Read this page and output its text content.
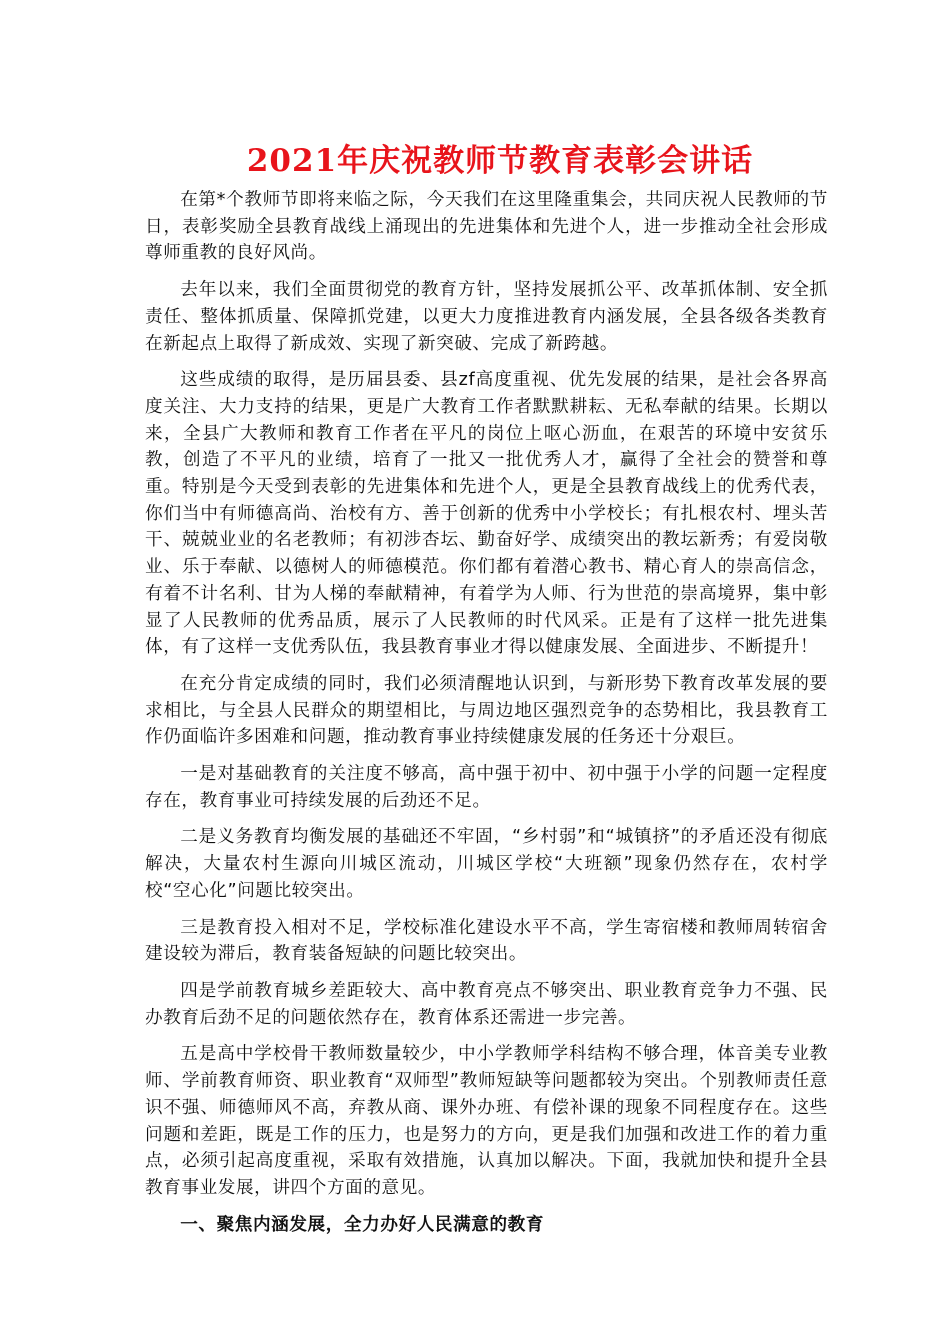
2021年庆祝教师节教育表彰会讲话

在第*个教师节即将来临之际，今天我们在这里隆重集会，共同庆祝人民教师的节日，表彰奖励全县教育战线上涌现出的先进集体和先进个人，进一步推动全社会形成尊师重教的良好风尚。

去年以来，我们全面贯彻党的教育方针，坚持发展抓公平、改革抓体制、安全抓责任、整体抓质量、保障抓党建，以更大力度推进教育内涵发展，全县各级各类教育在新起点上取得了新成效、实现了新突破、完成了新跨越。

这些成绩的取得，是历届县委、县zf高度重视、优先发展的结果，是社会各界高度关注、大力支持的结果，更是广大教育工作者默默耕耘、无私奉献的结果。长期以来，全县广大教师和教育工作者在平凡的岗位上呕心沥血，在艰苦的环境中安贫乐教，创造了不平凡的业绩，培育了一批又一批优秀人才，赢得了全社会的赞誉和尊重。特别是今天受到表彰的先进集体和先进个人，更是全县教育战线上的优秀代表，你们当中有师德高尚、治校有方、善于创新的优秀中小学校长；有扎根农村、埋头苦干、兢兢业业的名老教师；有初涉杏坛、勤奋好学、成绩突出的教坛新秀；有爱岗敬业、乐于奉献、以德树人的师德模范。你们都有着潜心教书、精心育人的崇高信念，有着不计名利、甘为人梯的奉献精神，有着学为人师、行为世范的崇高境界，集中彰显了人民教师的优秀品质，展示了人民教师的时代风采。正是有了这样一批先进集体，有了这样一支优秀队伍，我县教育事业才得以健康发展、全面进步、不断提升！

在充分肯定成绩的同时，我们必须清醒地认识到，与新形势下教育改革发展的要求相比，与全县人民群众的期望相比，与周边地区强烈竞争的态势相比，我县教育工作仍面临许多困难和问题，推动教育事业持续健康发展的任务还十分艰巨。

一是对基础教育的关注度不够高，高中强于初中、初中强于小学的问题一定程度存在，教育事业可持续发展的后劲还不足。

二是义务教育均衡发展的基础还不牢固，“乡村弱”和“城镇挤”的矛盾还没有彻底解决，大量农村生源向川城区流动，川城区学校“大班额”现象仍然存在，农村学校“空心化”问题比较突出。

三是教育投入相对不足，学校标准化建设水平不高，学生寄宿楼和教师周转宿舍建设较为滞后，教育装备短缺的问题比较突出。

四是学前教育城乡差距较大、高中教育亮点不够突出、职业教育竞争力不强、民办教育后劲不足的问题依然存在，教育体系还需进一步完善。

五是高中学校骨干教师数量较少，中小学教师学科结构不够合理，体音美专业教师、学前教育师资、职业教育“双师型”教师短缺等问题都较为突出。个别教师责任意识不强、师德师风不高，弃教从商、课外办班、有偿补课的现象不同程度存在。这些问题和差距，既是工作的压力，也是努力的方向，更是我们加强和改进工作的着力重点，必须引起高度重视，采取有效措施，认真加以解决。下面，我就加快和提升全县教育事业发展，讲四个方面的意见。

一、聚焦内涵发展，全力办好人民满意的教育
